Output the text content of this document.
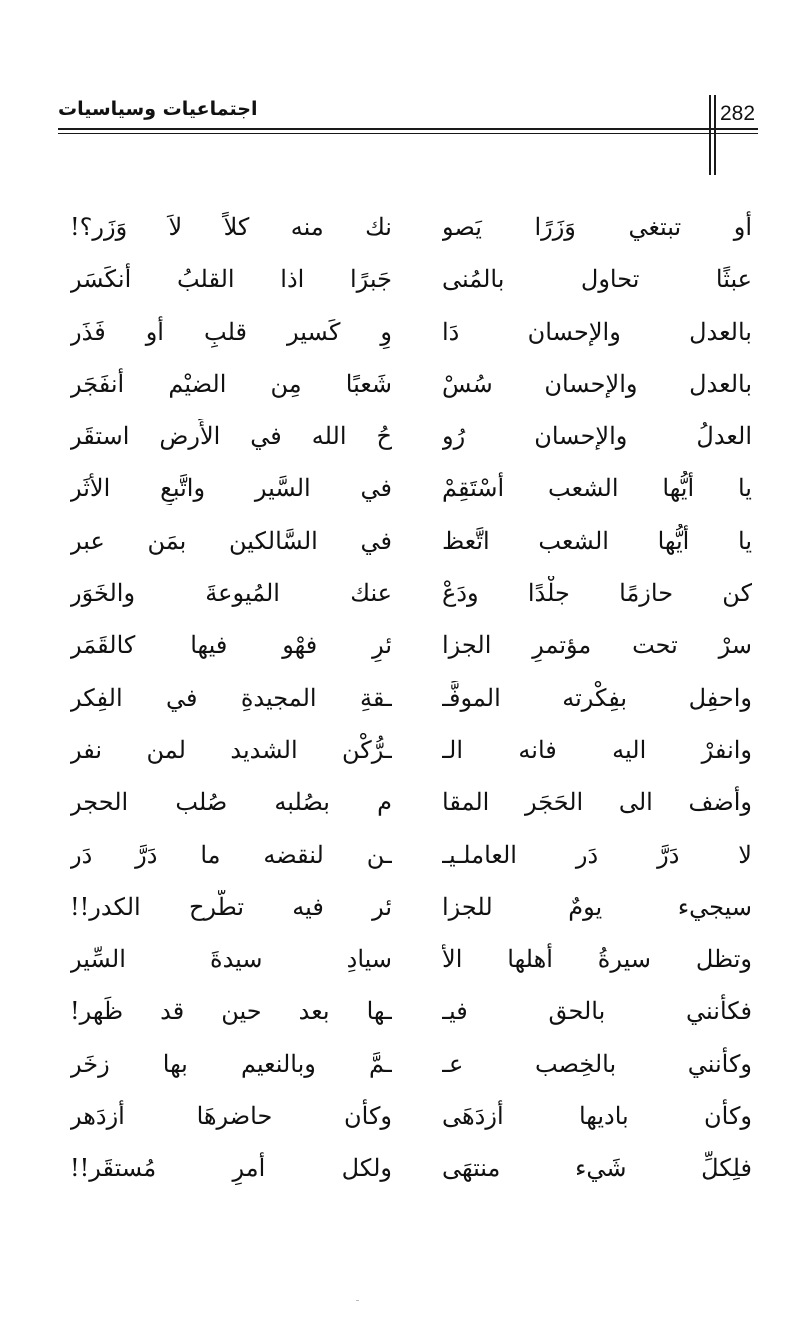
اجتماعيات وسياسيات	282
أو تبتغي وَزَرًا يَصو
نك منه كلاً لاَ وَزَر؟!
عبثًا تحاول بالمُنى
جَبرًا اذا القلبُ أنكَسَر
بالعدل والإحسان دَا
وِ كَسير قلبِ أو فَذَر
بالعدل والإحسان سُسْ
شَعبًا مِن الضيْم أنفَجَر
العدلُ والإحسان رُو
حُ الله في الأَرض استقَر
يا أيُّها الشعب أسْتَقِمْ
في السَّير واتَّبعِ الأثَر
يا أيُّها الشعب اتَّعظ
في السَّالكين بمَن عبر
كن حازمًا جلْدًا ودَعْ
عنك المُيوعةَ والخَوَر
سرْ تحت مؤتمرِ الجزا
ئرِ فهْو فيها كالقَمَر
واحفِل بفِكْرته الموفَّـ
ـقةِ المجيدةِ في الفِكر
وانفرْ اليه فانه الـ
ـرُّكْن الشديد لمن نفر
وأضف الى الحَجَر المقا
م بصُلبه صُلب الحجر
لا دَرَّ دَر العاملـيـ
ـن لنقضه ما دَرَّ دَر
سيجيء يومٌ للجزا
ئر فيه تطَّرح الكدر!!
وتظل سيرةُ أهلها الأ
سيادِ سيدةَ السِّير
فكأنني بالحق فيـ
ـها بعد حين قد ظَهر!
وكأنني بالخِصب عـ
ـمَّ وبالنعيم بها زخَر
وكأن باديها أزدَهَى
وكأن حاضرهَا أزدَهر
فلِكلِّ شَيء منتهَى
ولكل أمرِ مُستقَر!!
